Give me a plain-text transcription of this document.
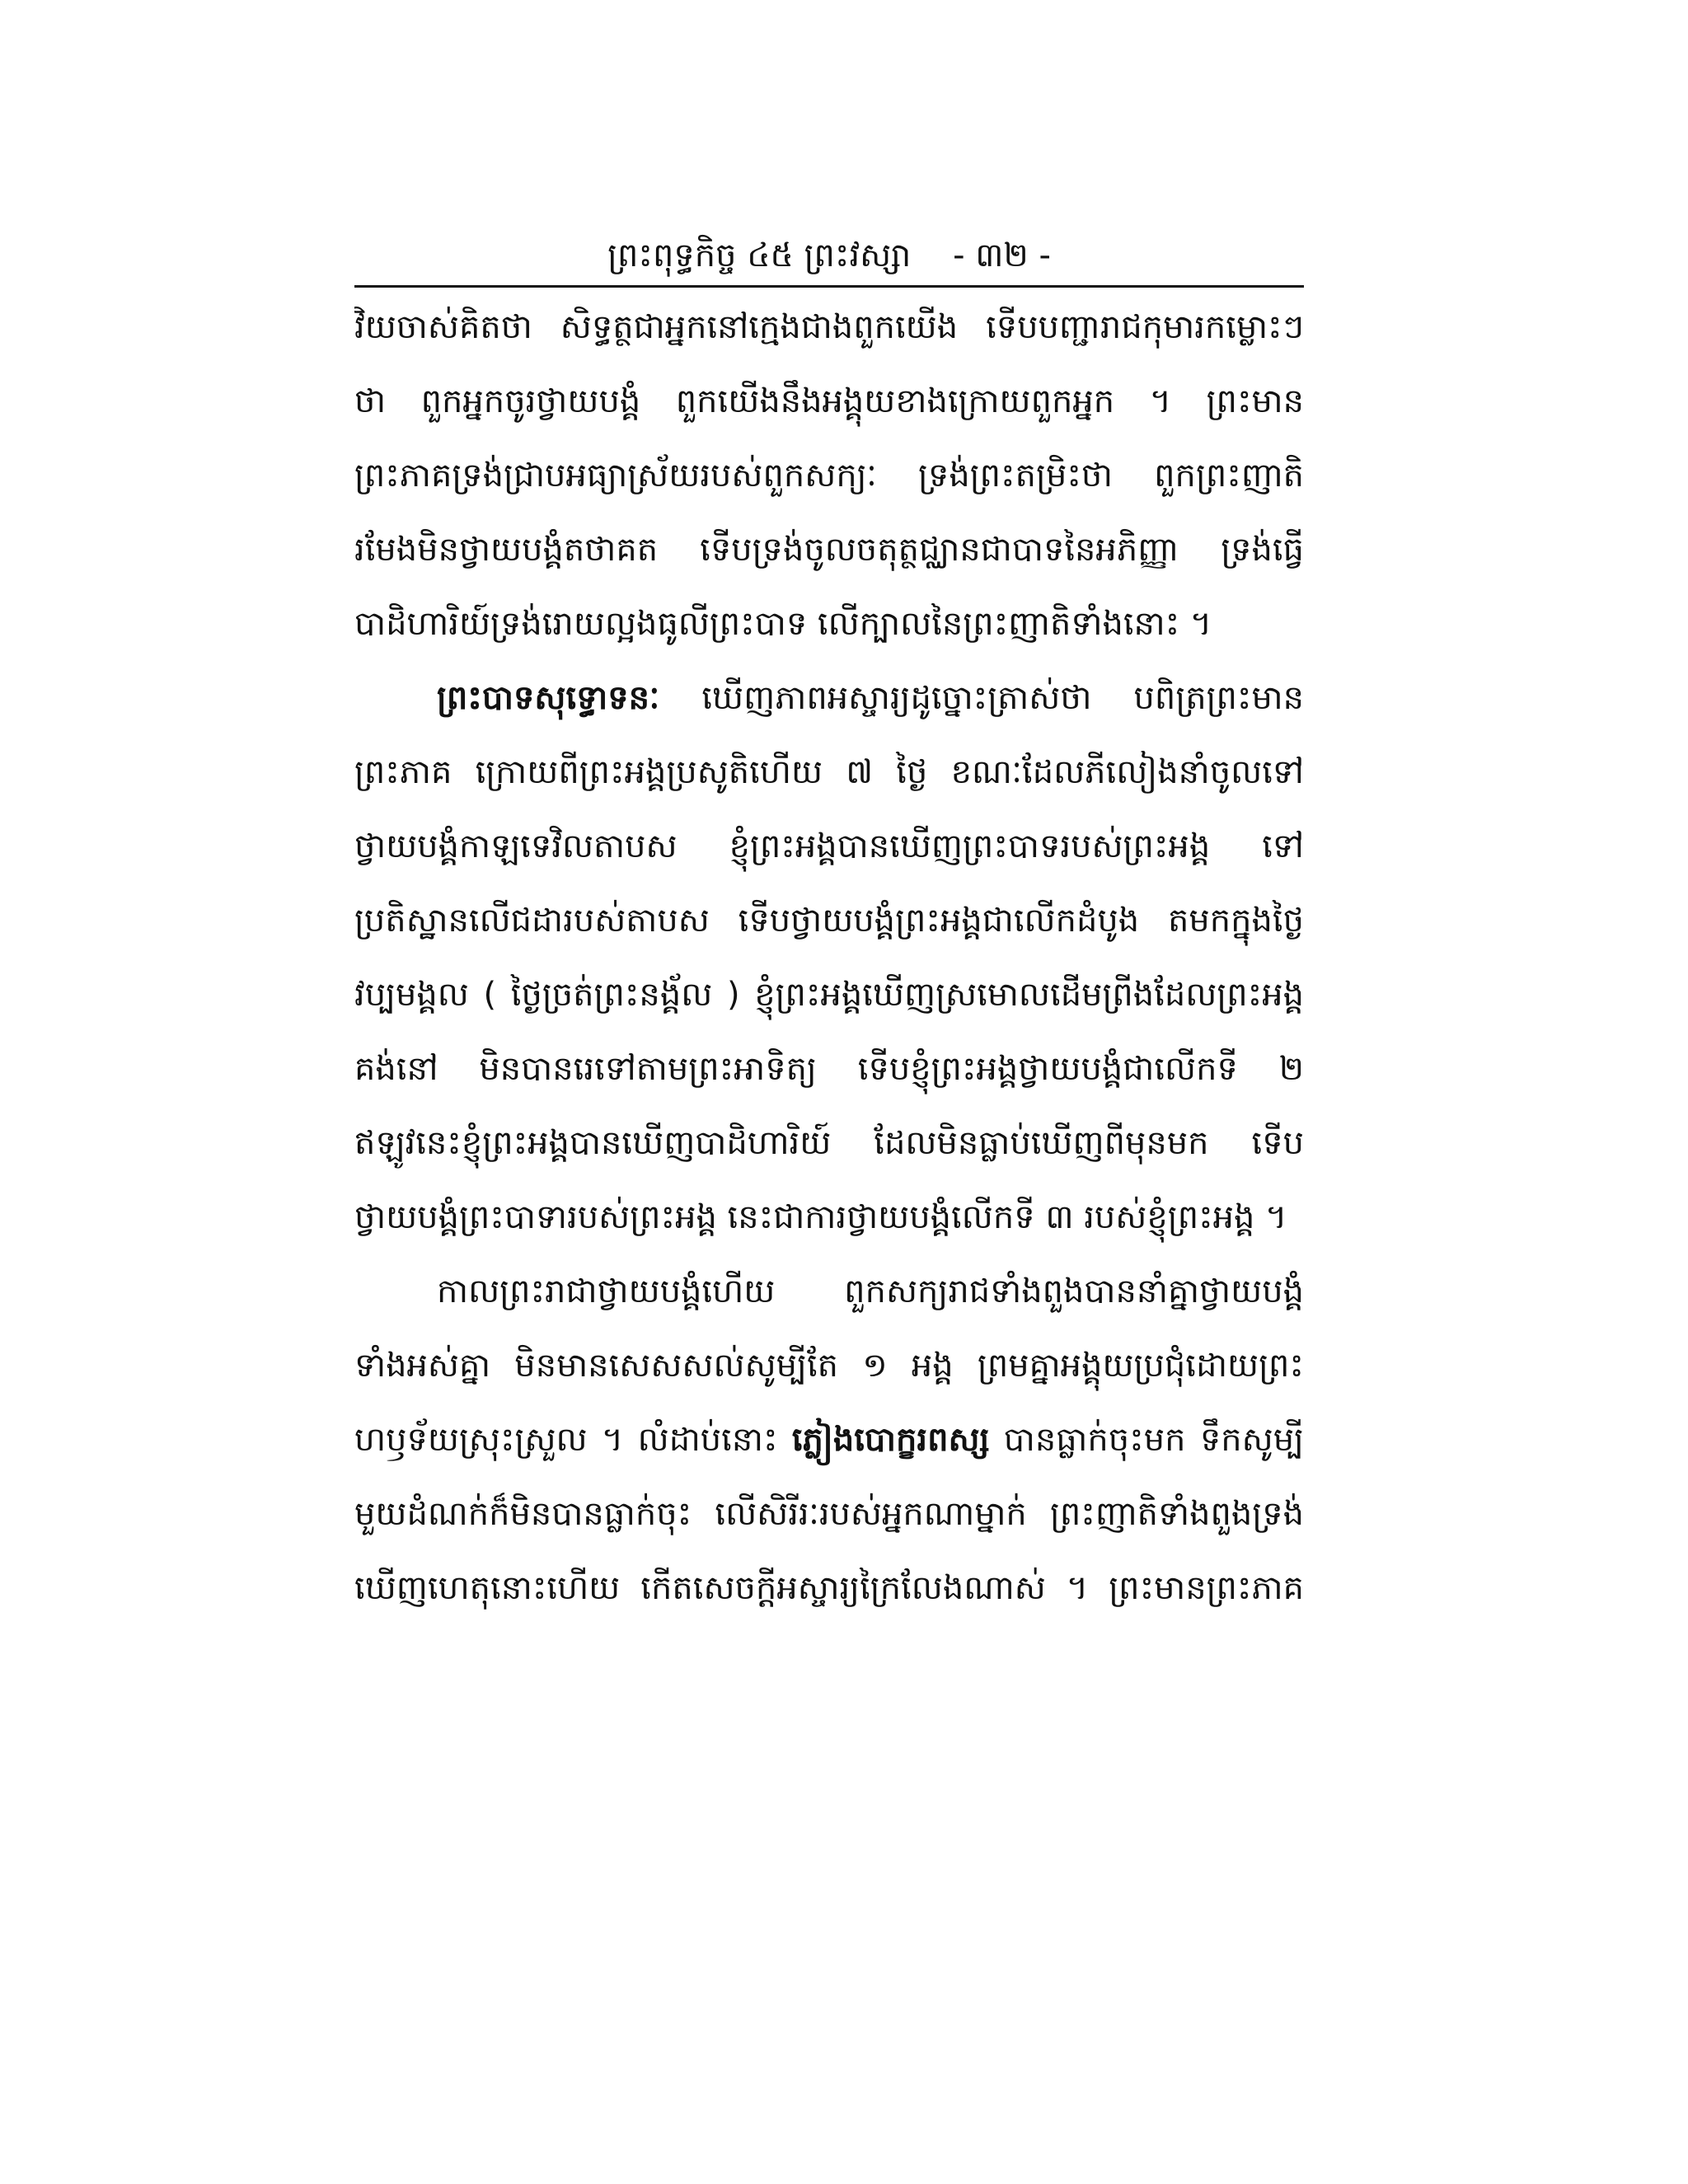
ព្រះពុទ្ធកិច្ច ៤៥ ព្រះវស្សា - ៣២ -
វិយចាស់គិតថា សិទ្ធត្ថជាអ្នកនៅក្មេងជាងពួកយើង ទើបបញ្ជារាជកុមារកម្លោះៗ
ថា ពួកអ្នកចូរថ្វាយបង្គំ ពួកយើងនឹងអង្គុយខាងក្រោយពួកអ្នក ។ ព្រះមាន
ព្រះភាគទ្រង់ជ្រាបអធ្យាស្រ័យរបស់ពួកសក្យៈ ទ្រង់ព្រះតម្រិះថា ពួកព្រះញាតិ
រមែងមិនថ្វាយបង្គំតថាគត ទើបទ្រង់ចូលចតុត្ថជ្ឈានជាបាទនៃអភិញ្ញា ទ្រង់ធ្វើ
បាដិហារិយ៍ទ្រង់រោយល្អងធូលីព្រះបាទ លើក្បាលនៃព្រះញាតិទាំងនោះ ។
ព្រះបាទសុទ្ធោទនៈ ឃើញភាពអស្ចារ្យដូច្នោះត្រាស់ថា បពិត្រព្រះមាន
ព្រះភាគ ក្រោយពីព្រះអង្គប្រសូតិហើយ ៧ ថ្ងៃ ខណៈដែលភីលៀងនាំចូលទៅ
ថ្វាយបង្គំកាឡទេវិលតាបស ខ្ញុំព្រះអង្គបានឃើញព្រះបាទរបស់ព្រះអង្គ ទៅ
ប្រតិស្ឋានលើជដារបស់តាបស ទើបថ្វាយបង្គំព្រះអង្គជាលើកដំបូង តមកក្នុងថ្ងៃ
វប្បមង្គល ( ថ្ងៃច្រត់ព្រះនង្គ័ល ) ខ្ញុំព្រះអង្គឃើញស្រមោលដើមព្រីងដែលព្រះអង្គ
គង់នៅ មិនបានរេទៅតាមព្រះអាទិត្យ ទើបខ្ញុំព្រះអង្គថ្វាយបង្គំជាលើកទី ២
ឥឡូវនេះខ្ញុំព្រះអង្គបានឃើញបាដិហារិយ៍ ដែលមិនធ្លាប់ឃើញពីមុនមក ទើប
ថ្វាយបង្គំព្រះបាទារបស់ព្រះអង្គ នេះជាការថ្វាយបង្គំលើកទី ៣ របស់ខ្ញុំព្រះអង្គ ។
កាលព្រះរាជាថ្វាយបង្គំហើយ ពួកសក្យរាជទាំងពួងបាននាំគ្នាថ្វាយបង្គំ
ទាំងអស់គ្នា មិនមានសេសសល់សូម្បីតែ ១ អង្គ ព្រមគ្នាអង្គុយប្រជុំដោយព្រះ
ហឫទ័យស្រុះស្រួល ។ លំដាប់នោះ ភ្លៀងបោក្ខរពស្ស បានធ្លាក់ចុះមក ទឹកសូម្បី
មួយដំណក់ក៏មិនបានធ្លាក់ចុះ លើសិរីរៈរបស់អ្នកណាម្នាក់ ព្រះញាតិទាំងពួងទ្រង់
ឃើញហេតុនោះហើយ កើតសេចក្តីអស្ចារ្យក្រៃលែងណាស់ ។ ព្រះមានព្រះភាគ
